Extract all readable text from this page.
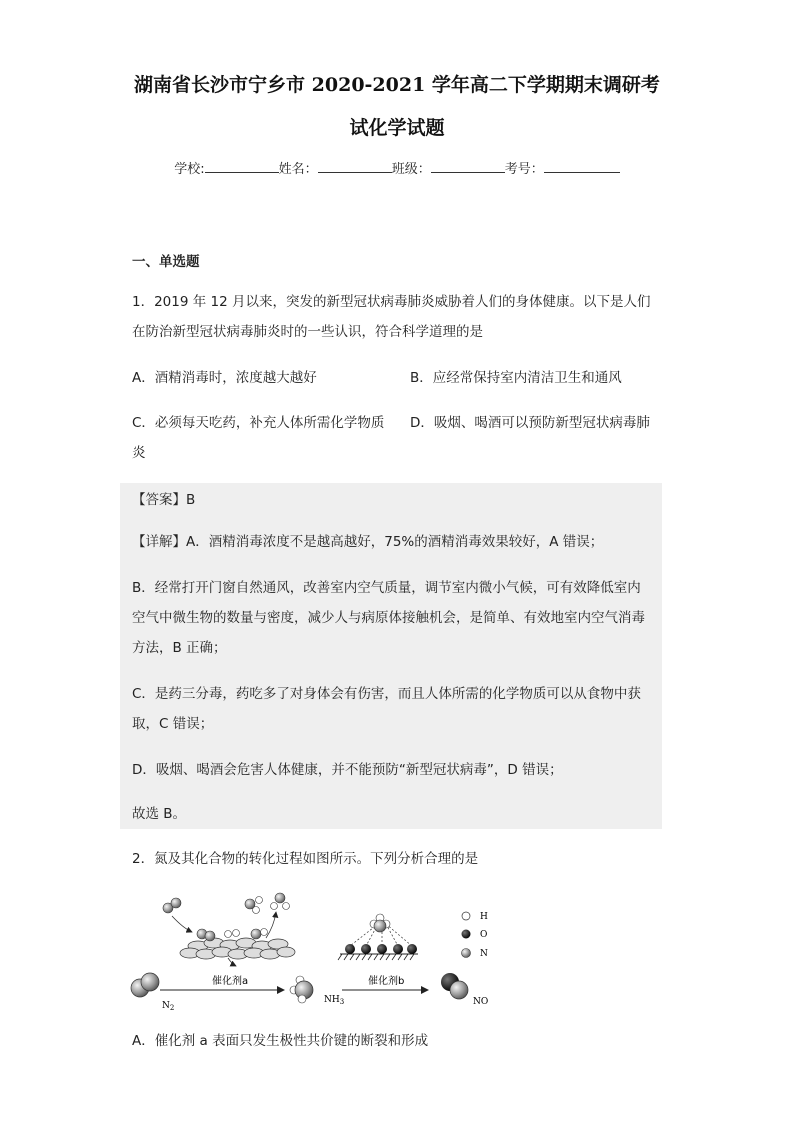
湖南省长沙市宁乡市 2020-2021 学年高二下学期期末调研考
试化学试题
学校:	姓名：	班级：	考号：
一、单选题
1．2019 年 12 月以来，突发的新型冠状病毒肺炎威胁着人们的身体健康。以下是人们
在防治新型冠状病毒肺炎时的一些认识，符合科学道理的是
A．酒精消毒时，浓度越大越好	B．应经常保持室内清洁卫生和通风
C．必须每天吃药，补充人体所需化学物质 D．吸烟、喝酒可以预防新型冠状病毒肺
炎
【答案】B
【详解】A．酒精消毒浓度不是越高越好，75%的酒精消毒效果较好，A 错误；
B．经常打开门窗自然通风，改善室内空气质量，调节室内微小气候，可有效降低室内
空气中微生物的数量与密度，减少人与病原体接触机会，是简单、有效地室内空气消毒
方法，B 正确；
C．是药三分毒，药吃多了对身体会有伤害，而且人体所需的化学物质可以从食物中获
取，C 错误；
D．吸烟、喝酒会危害人体健康，并不能预防“新型冠状病毒”，D 错误；
故选 B。
2．氮及其化合物的转化过程如图所示。下列分析合理的是
$N_2$
催化剂a
$NH_3$
催化剂b
NO
H
O
N
A．催化剂 a 表面只发生极性共价键的断裂和形成
